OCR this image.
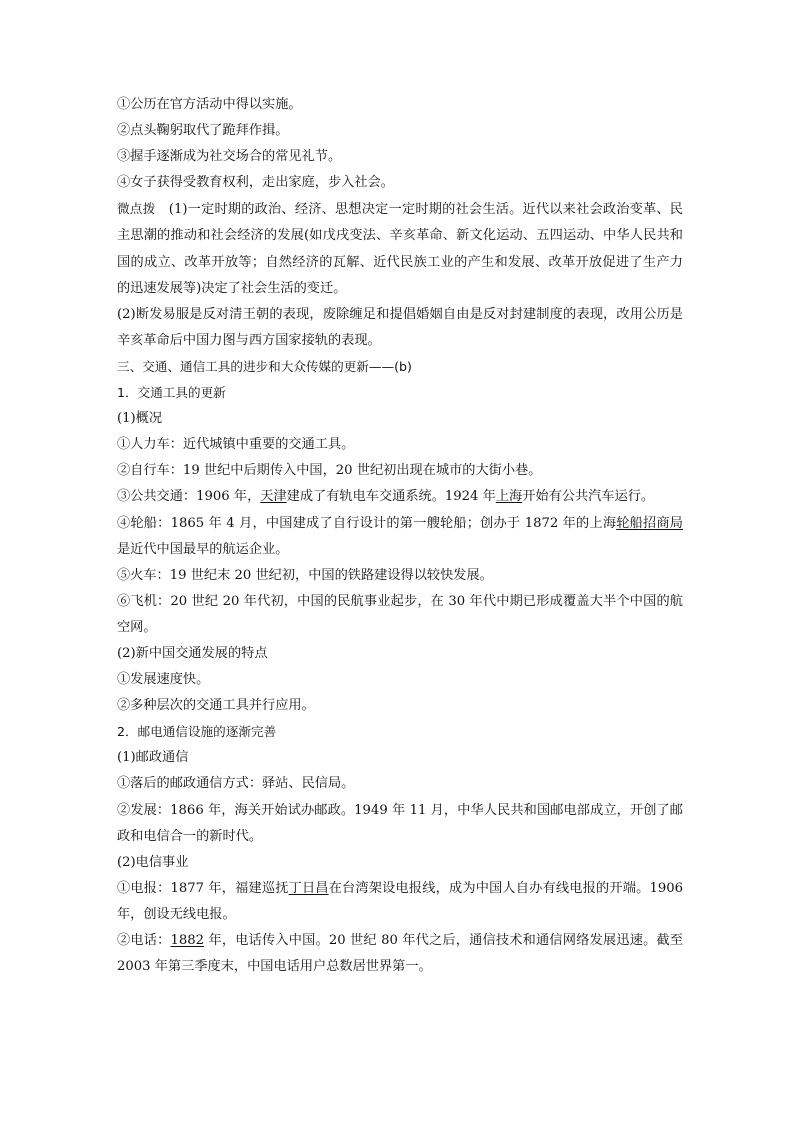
①公历在官方活动中得以实施。

②点头鞠躬取代了跪拜作揖。

③握手逐渐成为社交场合的常见礼节。

④女子获得受教育权利，走出家庭，步入社会。

微点拨　(1)一定时期的政治、经济、思想决定一定时期的社会生活。近代以来社会政治变革、民主思潮的推动和社会经济的发展(如戊戌变法、辛亥革命、新文化运动、五四运动、中华人民共和国的成立、改革开放等；自然经济的瓦解、近代民族工业的产生和发展、改革开放促进了生产力的迅速发展等)决定了社会生活的变迁。

(2)断发易服是反对清王朝的表现，废除缠足和提倡婚姻自由是反对封建制度的表现，改用公历是辛亥革命后中国力图与西方国家接轨的表现。

三、交通、通信工具的进步和大众传媒的更新——(b)

1．交通工具的更新

(1)概况

①人力车：近代城镇中重要的交通工具。

②自行车：19 世纪中后期传入中国，20 世纪初出现在城市的大街小巷。

③公共交通：1906 年，天津建成了有轨电车交通系统。1924 年上海开始有公共汽车运行。

④轮船：1865 年 4 月，中国建成了自行设计的第一艘轮船；创办于 1872 年的上海轮船招商局是近代中国最早的航运企业。

⑤火车：19 世纪末 20 世纪初，中国的铁路建设得以较快发展。

⑥飞机：20 世纪 20 年代初，中国的民航事业起步，在 30 年代中期已形成覆盖大半个中国的航空网。

(2)新中国交通发展的特点

①发展速度快。

②多种层次的交通工具并行应用。

2．邮电通信设施的逐渐完善

(1)邮政通信

①落后的邮政通信方式：驿站、民信局。

②发展：1866 年，海关开始试办邮政。1949 年 11 月，中华人民共和国邮电部成立，开创了邮政和电信合一的新时代。

(2)电信事业

①电报：1877 年，福建巡抚丁日昌在台湾架设电报线，成为中国人自办有线电报的开端。1906 年，创设无线电报。

②电话：1882 年，电话传入中国。20 世纪 80 年代之后，通信技术和通信网络发展迅速。截至 2003 年第三季度末，中国电话用户总数居世界第一。
